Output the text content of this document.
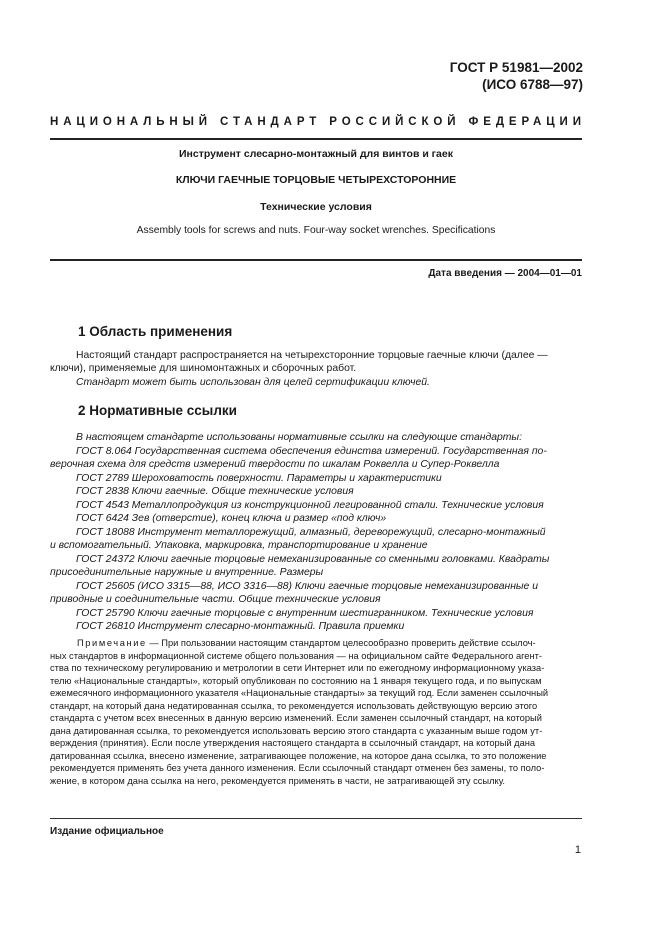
ГОСТ Р 51981—2002
(ИСО 6788—97)
НАЦИОНАЛЬНЫЙ СТАНДАРТ РОССИЙСКОЙ ФЕДЕРАЦИИ
Инструмент слесарно-монтажный для винтов и гаек
КЛЮЧИ ГАЕЧНЫЕ ТОРЦОВЫЕ ЧЕТЫРЕХСТОРОННИЕ
Технические условия
Assembly tools for screws and nuts. Four-way socket wrenches. Specifications
Дата введения — 2004—01—01
1 Область применения
Настоящий стандарт распространяется на четырехсторонние торцовые гаечные ключи (далее —
ключи), применяемые для шиномонтажных и сборочных работ.
Стандарт может быть использован для целей сертификации ключей.
2 Нормативные ссылки
В настоящем стандарте использованы нормативные ссылки на следующие стандарты:
ГОСТ 8.064 Государственная система обеспечения единства измерений. Государственная по-
верочная схема для средств измерений твердости по шкалам Роквелла и Супер-Роквелла
ГОСТ 2789 Шероховатость поверхности. Параметры и характеристики
ГОСТ 2838 Ключи гаечные. Общие технические условия
ГОСТ 4543 Металлопродукция из конструкционной легированной стали. Технические условия
ГОСТ 6424 Зев (отверстие), конец ключа и размер «под ключ»
ГОСТ 18088 Инструмент металлорежущий, алмазный, дереворежущий, слесарно-монтажный
и вспомогательный. Упаковка, маркировка, транспортирование и хранение
ГОСТ 24372 Ключи гаечные торцовые немеханизированные со сменными головками. Квадраты
присоединительные наружные и внутренние. Размеры
ГОСТ 25605 (ИСО 3315—88, ИСО 3316—88) Ключи гаечные торцовые немеханизированные и
приводные и соединительные части. Общие технические условия
ГОСТ 25790 Ключи гаечные торцовые с внутренним шестигранником. Технические условия
ГОСТ 26810 Инструмент слесарно-монтажный. Правила приемки
Примечание — При пользовании настоящим стандартом целесообразно проверить действие ссылоч-
ных стандартов в информационной системе общего пользования — на официальном сайте Федерального агент-
ства по техническому регулированию и метрологии в сети Интернет или по ежегодному информационному указа-
телю «Национальные стандарты», который опубликован по состоянию на 1 января текущего года, и по выпускам
ежемесячного информационного указателя «Национальные стандарты» за текущий год. Если заменен ссылочный
стандарт, на который дана недатированная ссылка, то рекомендуется использовать действующую версию этого
стандарта с учетом всех внесенных в данную версию изменений. Если заменен ссылочный стандарт, на который
дана датированная ссылка, то рекомендуется использовать версию этого стандарта с указанным выше годом ут-
верждения (принятия). Если после утверждения настоящего стандарта в ссылочный стандарт, на который дана
датированная ссылка, внесено изменение, затрагивающее положение, на которое дана ссылка, то это положение
рекомендуется применять без учета данного изменения. Если ссылочный стандарт отменен без замены, то поло-
жение, в котором дана ссылка на него, рекомендуется применять в части, не затрагивающей эту ссылку.
Издание официальное
1
